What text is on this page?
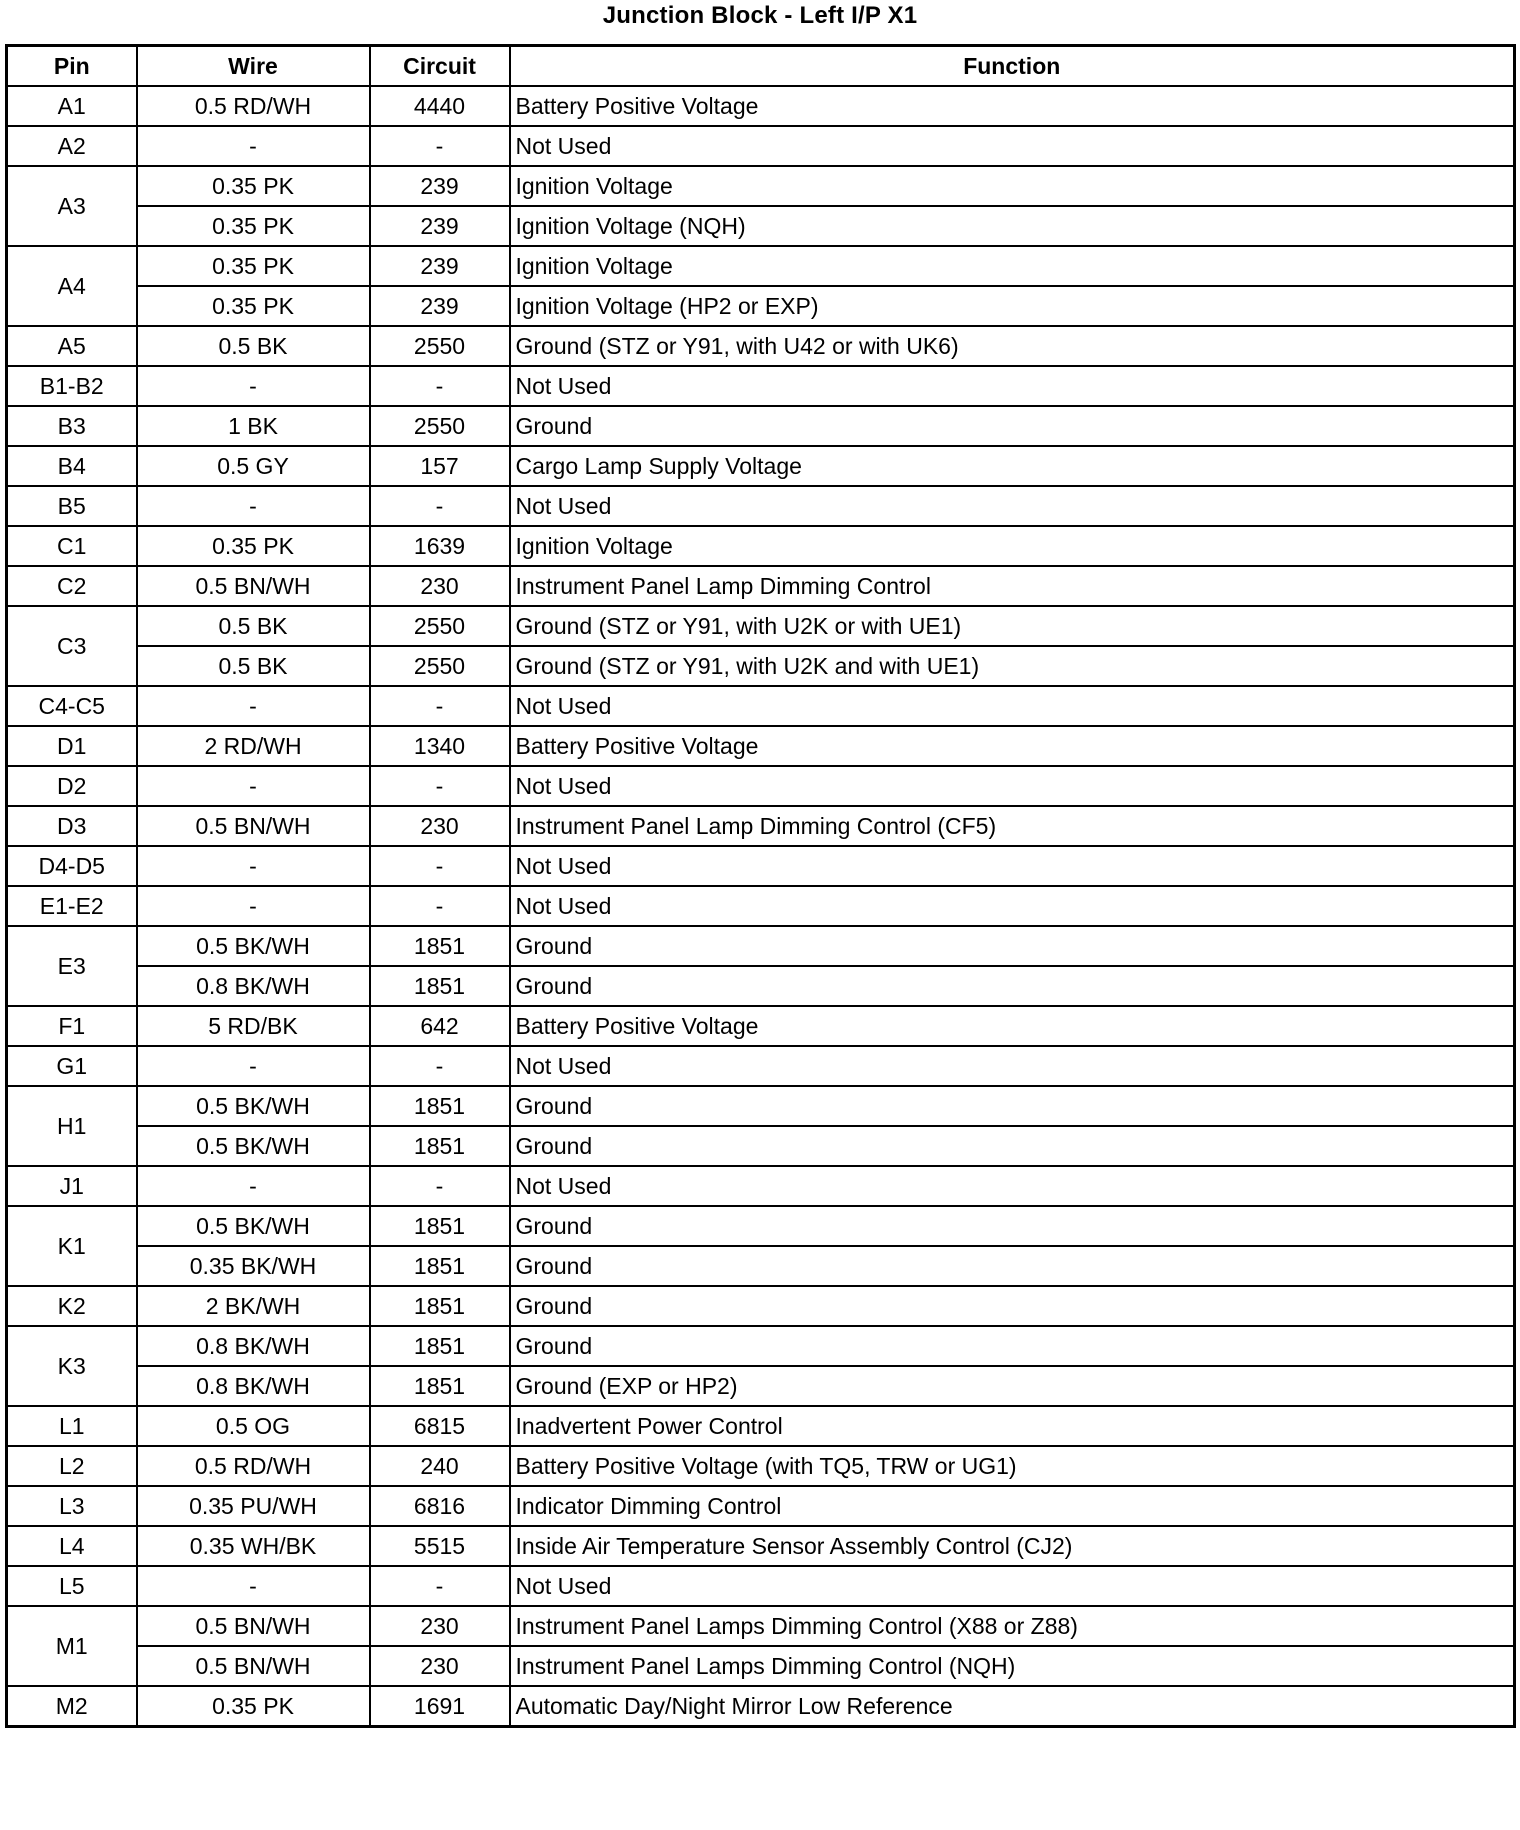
Junction Block - Left I/P X1
Pin	Wire	Circuit	Function
A1	0.5 RD/WH	4440	Battery Positive Voltage
A2	-	-	Not Used
A3	0.35 PK	239	Ignition Voltage
	0.35 PK	239	Ignition Voltage (NQH)
A4	0.35 PK	239	Ignition Voltage
	0.35 PK	239	Ignition Voltage (HP2 or EXP)
A5	0.5 BK	2550	Ground (STZ or Y91, with U42 or with UK6)
B1-B2	-	-	Not Used
B3	1 BK	2550	Ground
B4	0.5 GY	157	Cargo Lamp Supply Voltage
B5	-	-	Not Used
C1	0.35 PK	1639	Ignition Voltage
C2	0.5 BN/WH	230	Instrument Panel Lamp Dimming Control
C3	0.5 BK	2550	Ground (STZ or Y91, with U2K or with UE1)
	0.5 BK	2550	Ground (STZ or Y91, with U2K and with UE1)
C4-C5	-	-	Not Used
D1	2 RD/WH	1340	Battery Positive Voltage
D2	-	-	Not Used
D3	0.5 BN/WH	230	Instrument Panel Lamp Dimming Control (CF5)
D4-D5	-	-	Not Used
E1-E2	-	-	Not Used
E3	0.5 BK/WH	1851	Ground
	0.8 BK/WH	1851	Ground
F1	5 RD/BK	642	Battery Positive Voltage
G1	-	-	Not Used
H1	0.5 BK/WH	1851	Ground
	0.5 BK/WH	1851	Ground
J1	-	-	Not Used
K1	0.5 BK/WH	1851	Ground
	0.35 BK/WH	1851	Ground
K2	2 BK/WH	1851	Ground
K3	0.8 BK/WH	1851	Ground
	0.8 BK/WH	1851	Ground (EXP or HP2)
L1	0.5 OG	6815	Inadvertent Power Control
L2	0.5 RD/WH	240	Battery Positive Voltage (with TQ5, TRW or UG1)
L3	0.35 PU/WH	6816	Indicator Dimming Control
L4	0.35 WH/BK	5515	Inside Air Temperature Sensor Assembly Control (CJ2)
L5	-	-	Not Used
M1	0.5 BN/WH	230	Instrument Panel Lamps Dimming Control (X88 or Z88)
	0.5 BN/WH	230	Instrument Panel Lamps Dimming Control (NQH)
M2	0.35 PK	1691	Automatic Day/Night Mirror Low Reference
